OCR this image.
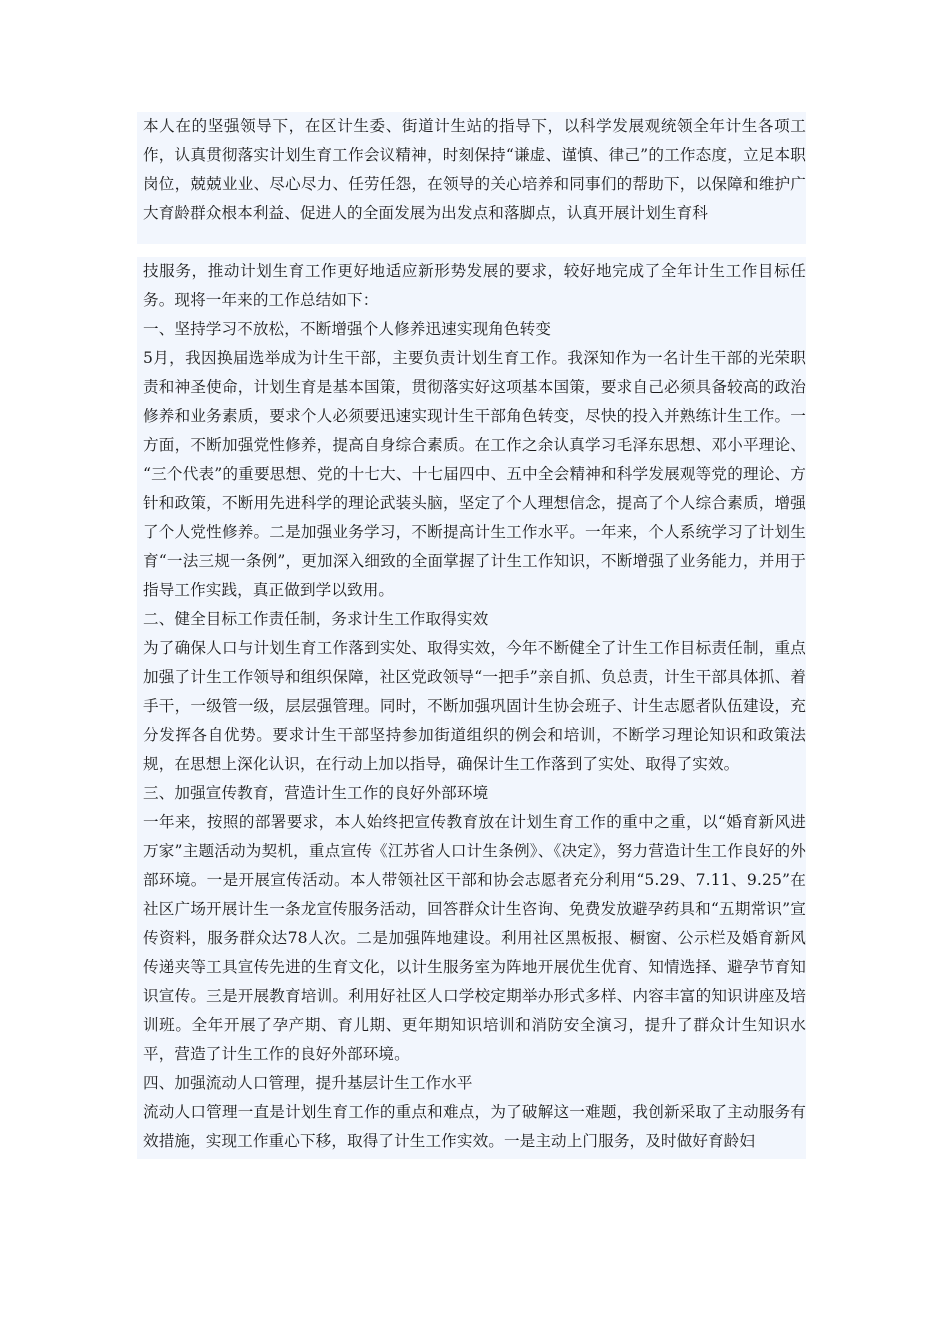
本人在的坚强领导下，在区计生委、街道计生站的指导下，以科学发展观统领全年计生各项工作，认真贯彻落实计划生育工作会议精神，时刻保持“谦虚、谨慎、律己”的工作态度，立足本职岗位，兢兢业业、尽心尽力、任劳任怨，在领导的关心培养和同事们的帮助下，以保障和维护广大育龄群众根本利益、促进人的全面发展为出发点和落脚点，认真开展计划生育科

技服务，推动计划生育工作更好地适应新形势发展的要求，较好地完成了全年计生工作目标任务。现将一年来的工作总结如下：

一、坚持学习不放松，不断增强个人修养迅速实现角色转变

5月，我因换届选举成为计生干部，主要负责计划生育工作。我深知作为一名计生干部的光荣职责和神圣使命，计划生育是基本国策，贯彻落实好这项基本国策，要求自己必须具备较高的政治修养和业务素质，要求个人必须要迅速实现计生干部角色转变，尽快的投入并熟练计生工作。一方面，不断加强党性修养，提高自身综合素质。在工作之余认真学习毛泽东思想、邓小平理论、“三个代表”的重要思想、党的十七大、十七届四中、五中全会精神和科学发展观等党的理论、方针和政策，不断用先进科学的理论武装头脑，坚定了个人理想信念，提高了个人综合素质，增强了个人党性修养。二是加强业务学习，不断提高计生工作水平。一年来，个人系统学习了计划生育“一法三规一条例”，更加深入细致的全面掌握了计生工作知识，不断增强了业务能力，并用于指导工作实践，真正做到学以致用。

二、健全目标工作责任制，务求计生工作取得实效

为了确保人口与计划生育工作落到实处、取得实效，今年不断健全了计生工作目标责任制，重点加强了计生工作领导和组织保障，社区党政领导“一把手”亲自抓、负总责，计生干部具体抓、着手干，一级管一级，层层强管理。同时，不断加强巩固计生协会班子、计生志愿者队伍建设，充分发挥各自优势。要求计生干部坚持参加街道组织的例会和培训，不断学习理论知识和政策法规，在思想上深化认识，在行动上加以指导，确保计生工作落到了实处、取得了实效。

三、加强宣传教育，营造计生工作的良好外部环境

一年来，按照的部署要求，本人始终把宣传教育放在计划生育工作的重中之重，以“婚育新风进万家”主题活动为契机，重点宣传《江苏省人口计生条例》、《决定》，努力营造计生工作良好的外部环境。一是开展宣传活动。本人带领社区干部和协会志愿者充分利用“5.29、7.11、9.25”在社区广场开展计生一条龙宣传服务活动，回答群众计生咨询、免费发放避孕药具和“五期常识”宣传资料，服务群众达78人次。二是加强阵地建设。利用社区黑板报、橱窗、公示栏及婚育新风传递夹等工具宣传先进的生育文化，以计生服务室为阵地开展优生优育、知情选择、避孕节育知识宣传。三是开展教育培训。利用好社区人口学校定期举办形式多样、内容丰富的知识讲座及培训班。全年开展了孕产期、育儿期、更年期知识培训和消防安全演习，提升了群众计生知识水平，营造了计生工作的良好外部环境。

四、加强流动人口管理，提升基层计生工作水平

流动人口管理一直是计划生育工作的重点和难点，为了破解这一难题，我创新采取了主动服务有效措施，实现工作重心下移，取得了计生工作实效。一是主动上门服务，及时做好育龄妇
